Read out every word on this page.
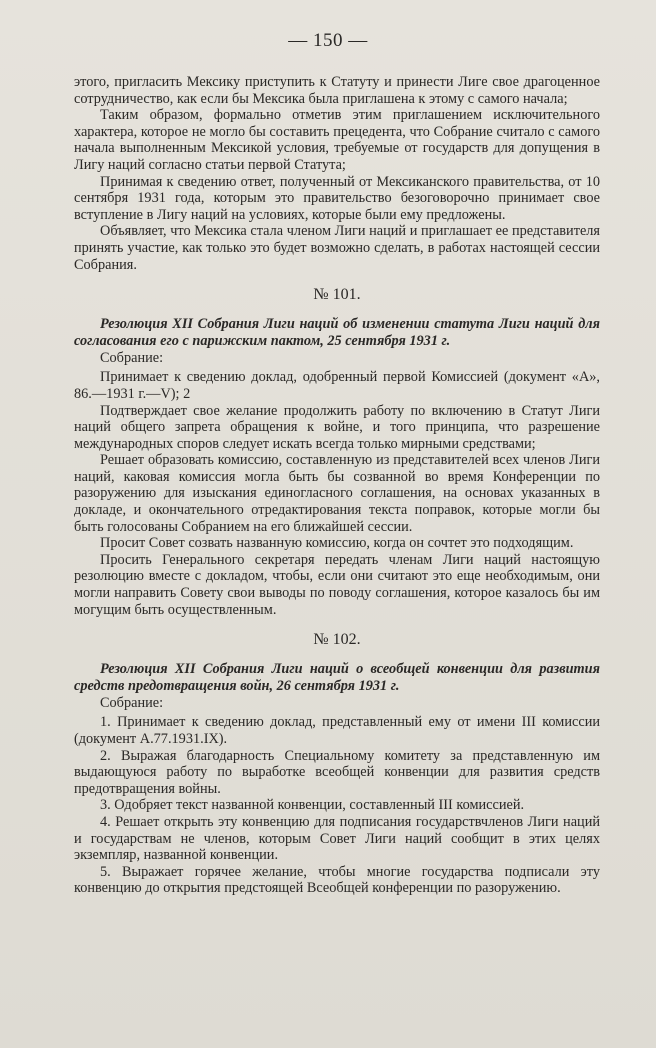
— 150 —

этого, пригласить Мексику приступить к Статуту и принести Лиге свое драгоценное сотрудничество, как если бы Мексика была приглашена к этому с самого начала;

Таким образом, формально отметив этим приглашением исключительного характера, которое не могло бы составить прецедента, что Собрание считало с самого начала выполненным Мексикой условия, требуемые от государств для допущения в Лигу наций согласно статьи первой Статута;

Принимая к сведению ответ, полученный от Мексиканского правительства, от 10 сентября 1931 года, которым это правительство безоговорочно принимает свое вступление в Лигу наций на условиях, которые были ему предложены.

Объявляет, что Мексика стала членом Лиги наций и приглашает ее представителя принять участие, как только это будет возможно сделать, в работах настоящей сессии Собрания.

№ 101.

Резолюция XII Собрания Лиги наций об изменении статута Лиги наций для согласования его с парижским пактом, 25 сентября 1931 г.

Собрание:

Принимает к сведению доклад, одобренный первой Комиссией (документ «А», 86.—1931 г.—V); 2

Подтверждает свое желание продолжить работу по включению в Статут Лиги наций общего запрета обращения к войне, и того принципа, что разрешение международных споров следует искать всегда только мирными средствами;

Решает образовать комиссию, составленную из представителей всех членов Лиги наций, каковая комиссия могла быть бы созванной во время Конференции по разоружению для изыскания единогласного соглашения, на основах указанных в докладе, и окончательного отредактирования текста поправок, которые могли бы быть голосованы Собранием на его ближайшей сессии.

Просит Совет созвать названную комиссию, когда он сочтет это подходящим.

Просить Генерального секретаря передать членам Лиги наций настоящую резолюцию вместе с докладом, чтобы, если они считают это еще необходимым, они могли направить Совету свои выводы по поводу соглашения, которое казалось бы им могущим быть осуществленным.

№ 102.

Резолюция XII Собрания Лиги наций о всеобщей конвенции для развития средств предотвращения войн, 26 сентября 1931 г.

Собрание:

1. Принимает к сведению доклад, представленный ему от имени III комиссии (документ А.77.1931.IX).

2. Выражая благодарность Специальному комитету за представленную им выдающуюся работу по выработке всеобщей конвенции для развития средств предотвращения войны.

3. Одобряет текст названной конвенции, составленный III комиссией.

4. Решает открыть эту конвенцию для подписания государствчленов Лиги наций и государствам не членов, которым Совет Лиги наций сообщит в этих целях экземпляр, названной конвенции.

5. Выражает горячее желание, чтобы многие государства подписали эту конвенцию до открытия предстоящей Всеобщей конференции по разоружению.
